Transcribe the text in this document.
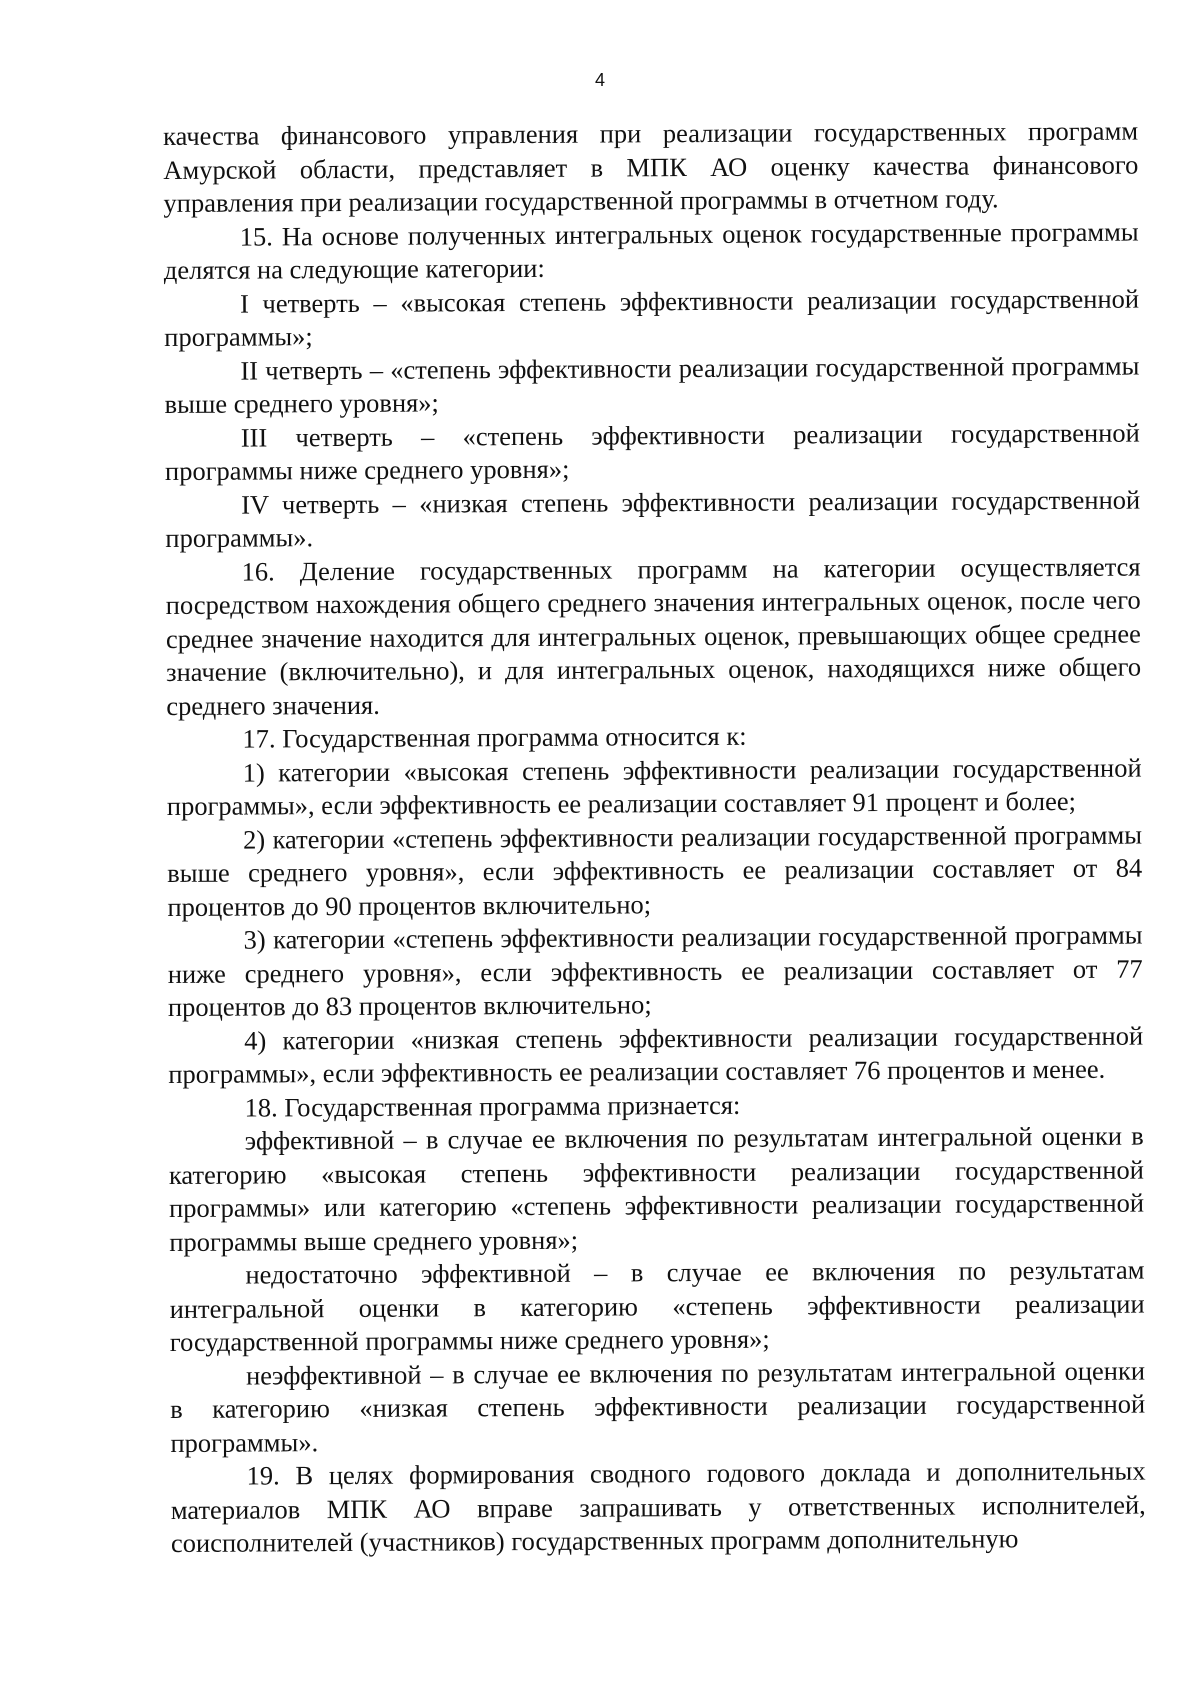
4

качества финансового управления при реализации государственных программ Амурской области, представляет в МПК АО оценку качества финансового управления при реализации государственной программы в отчетном году.

15. На основе полученных интегральных оценок государственные программы делятся на следующие категории:

I четверть – «высокая степень эффективности реализации государственной программы»;

II четверть – «степень эффективности реализации государственной программы выше среднего уровня»;

III четверть – «степень эффективности реализации государственной программы ниже среднего уровня»;

IV четверть – «низкая степень эффективности реализации государственной программы».

16. Деление государственных программ на категории осуществляется посредством нахождения общего среднего значения интегральных оценок, после чего среднее значение находится для интегральных оценок, превышающих общее среднее значение (включительно), и для интегральных оценок, находящихся ниже общего среднего значения.

17. Государственная программа относится к:

1) категории «высокая степень эффективности реализации государственной программы», если эффективность ее реализации составляет 91 процент и более;

2) категории «степень эффективности реализации государственной программы выше среднего уровня», если эффективность ее реализации составляет от 84 процентов до 90 процентов включительно;

3) категории «степень эффективности реализации государственной программы ниже среднего уровня», если эффективность ее реализации составляет от 77 процентов до 83 процентов включительно;

4) категории «низкая степень эффективности реализации государственной программы», если эффективность ее реализации составляет 76 процентов и менее.

18. Государственная программа признается:

эффективной – в случае ее включения по результатам интегральной оценки в категорию «высокая степень эффективности реализации государственной программы» или категорию «степень эффективности реализации государственной программы выше среднего уровня»;

недостаточно эффективной – в случае ее включения по результатам интегральной оценки в категорию «степень эффективности реализации государственной программы ниже среднего уровня»;

неэффективной – в случае ее включения по результатам интегральной оценки в категорию «низкая степень эффективности реализации государственной программы».

19. В целях формирования сводного годового доклада и дополнительных материалов МПК АО вправе запрашивать у ответственных исполнителей, соисполнителей (участников) государственных программ дополнительную
